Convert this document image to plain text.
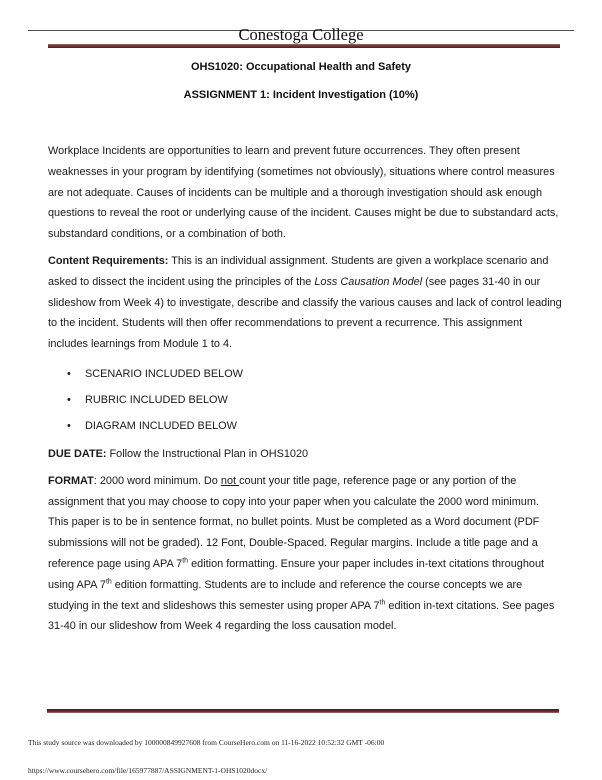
Conestoga College
OHS1020: Occupational Health and Safety
ASSIGNMENT 1: Incident Investigation (10%)

Workplace Incidents are opportunities to learn and prevent future occurrences. They often present weaknesses in your program by identifying (sometimes not obviously), situations where control measures are not adequate. Causes of incidents can be multiple and a thorough investigation should ask enough questions to reveal the root or underlying cause of the incident. Causes might be due to substandard acts, substandard conditions, or a combination of both.

Content Requirements: This is an individual assignment. Students are given a workplace scenario and asked to dissect the incident using the principles of the Loss Causation Model (see pages 31-40 in our slideshow from Week 4) to investigate, describe and classify the various causes and lack of control leading to the incident. Students will then offer recommendations to prevent a recurrence. This assignment includes learnings from Module 1 to 4.

•	SCENARIO INCLUDED BELOW
•	RUBRIC INCLUDED BELOW
•	DIAGRAM INCLUDED BELOW

DUE DATE: Follow the Instructional Plan in OHS1020

FORMAT: 2000 word minimum. Do not count your title page, reference page or any portion of the assignment that you may choose to copy into your paper when you calculate the 2000 word minimum. This paper is to be in sentence format, no bullet points. Must be completed as a Word document (PDF submissions will not be graded). 12 Font, Double-Spaced. Regular margins. Include a title page and a reference page using APA 7th edition formatting. Ensure your paper includes in-text citations throughout using APA 7th edition formatting. Students are to include and reference the course concepts we are studying in the text and slideshows this semester using proper APA 7th edition in-text citations. See pages 31-40 in our slideshow from Week 4 regarding the loss causation model.

This study source was downloaded by 100000849927608 from CourseHero.com on 11-16-2022 10:52:32 GMT -06:00
https://www.coursehero.com/file/165977887/ASSIGNMENT-1-OHS1020docx/
